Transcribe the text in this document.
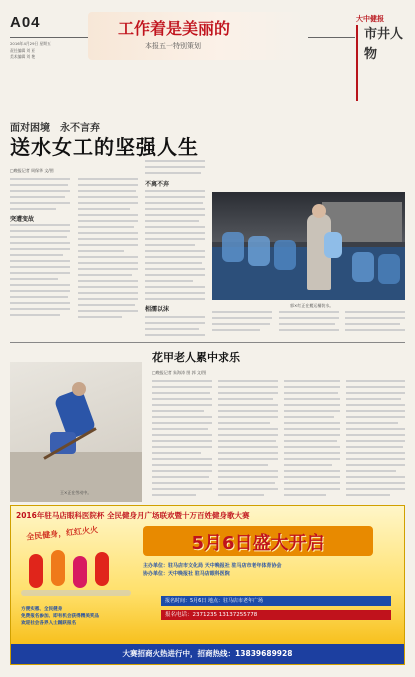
A04	工作着是美丽的
本报五一特别策划
2016年4月29日 星期五
责任编辑 刘 亚
美术编辑 刘 艳
大中健报
市井人物
面对困境　永不言弃
送水女工的坚强人生
□晚报记者 周保华 文/图
突遭变故
不离不弃
相濡以沫
郭×红正在搬运桶装水。
花甲老人累中求乐
□晚报记者 朱海涛 图 郭 文/图
王×正在劳动中。
2016年驻马店眼科医院杯 全民健身月广场联欢暨十万百姓健身歌大赛
全民健身，红红火火	5月6日盛大开启
主办单位：驻马店市文化局 天中晚报社 驻马店市老年体育协会
协办单位：天中晚报社 驻马店眼科医院
方便实惠、全民健身
免费报名参加、即有机会获得精美奖品
欢迎社会各界人士踊跃报名
报名时间：5月6日 地点：驻马店市老年广场
报名电话：2371235 13137255778
大赛招商火热进行中，招商热线：13839689928
